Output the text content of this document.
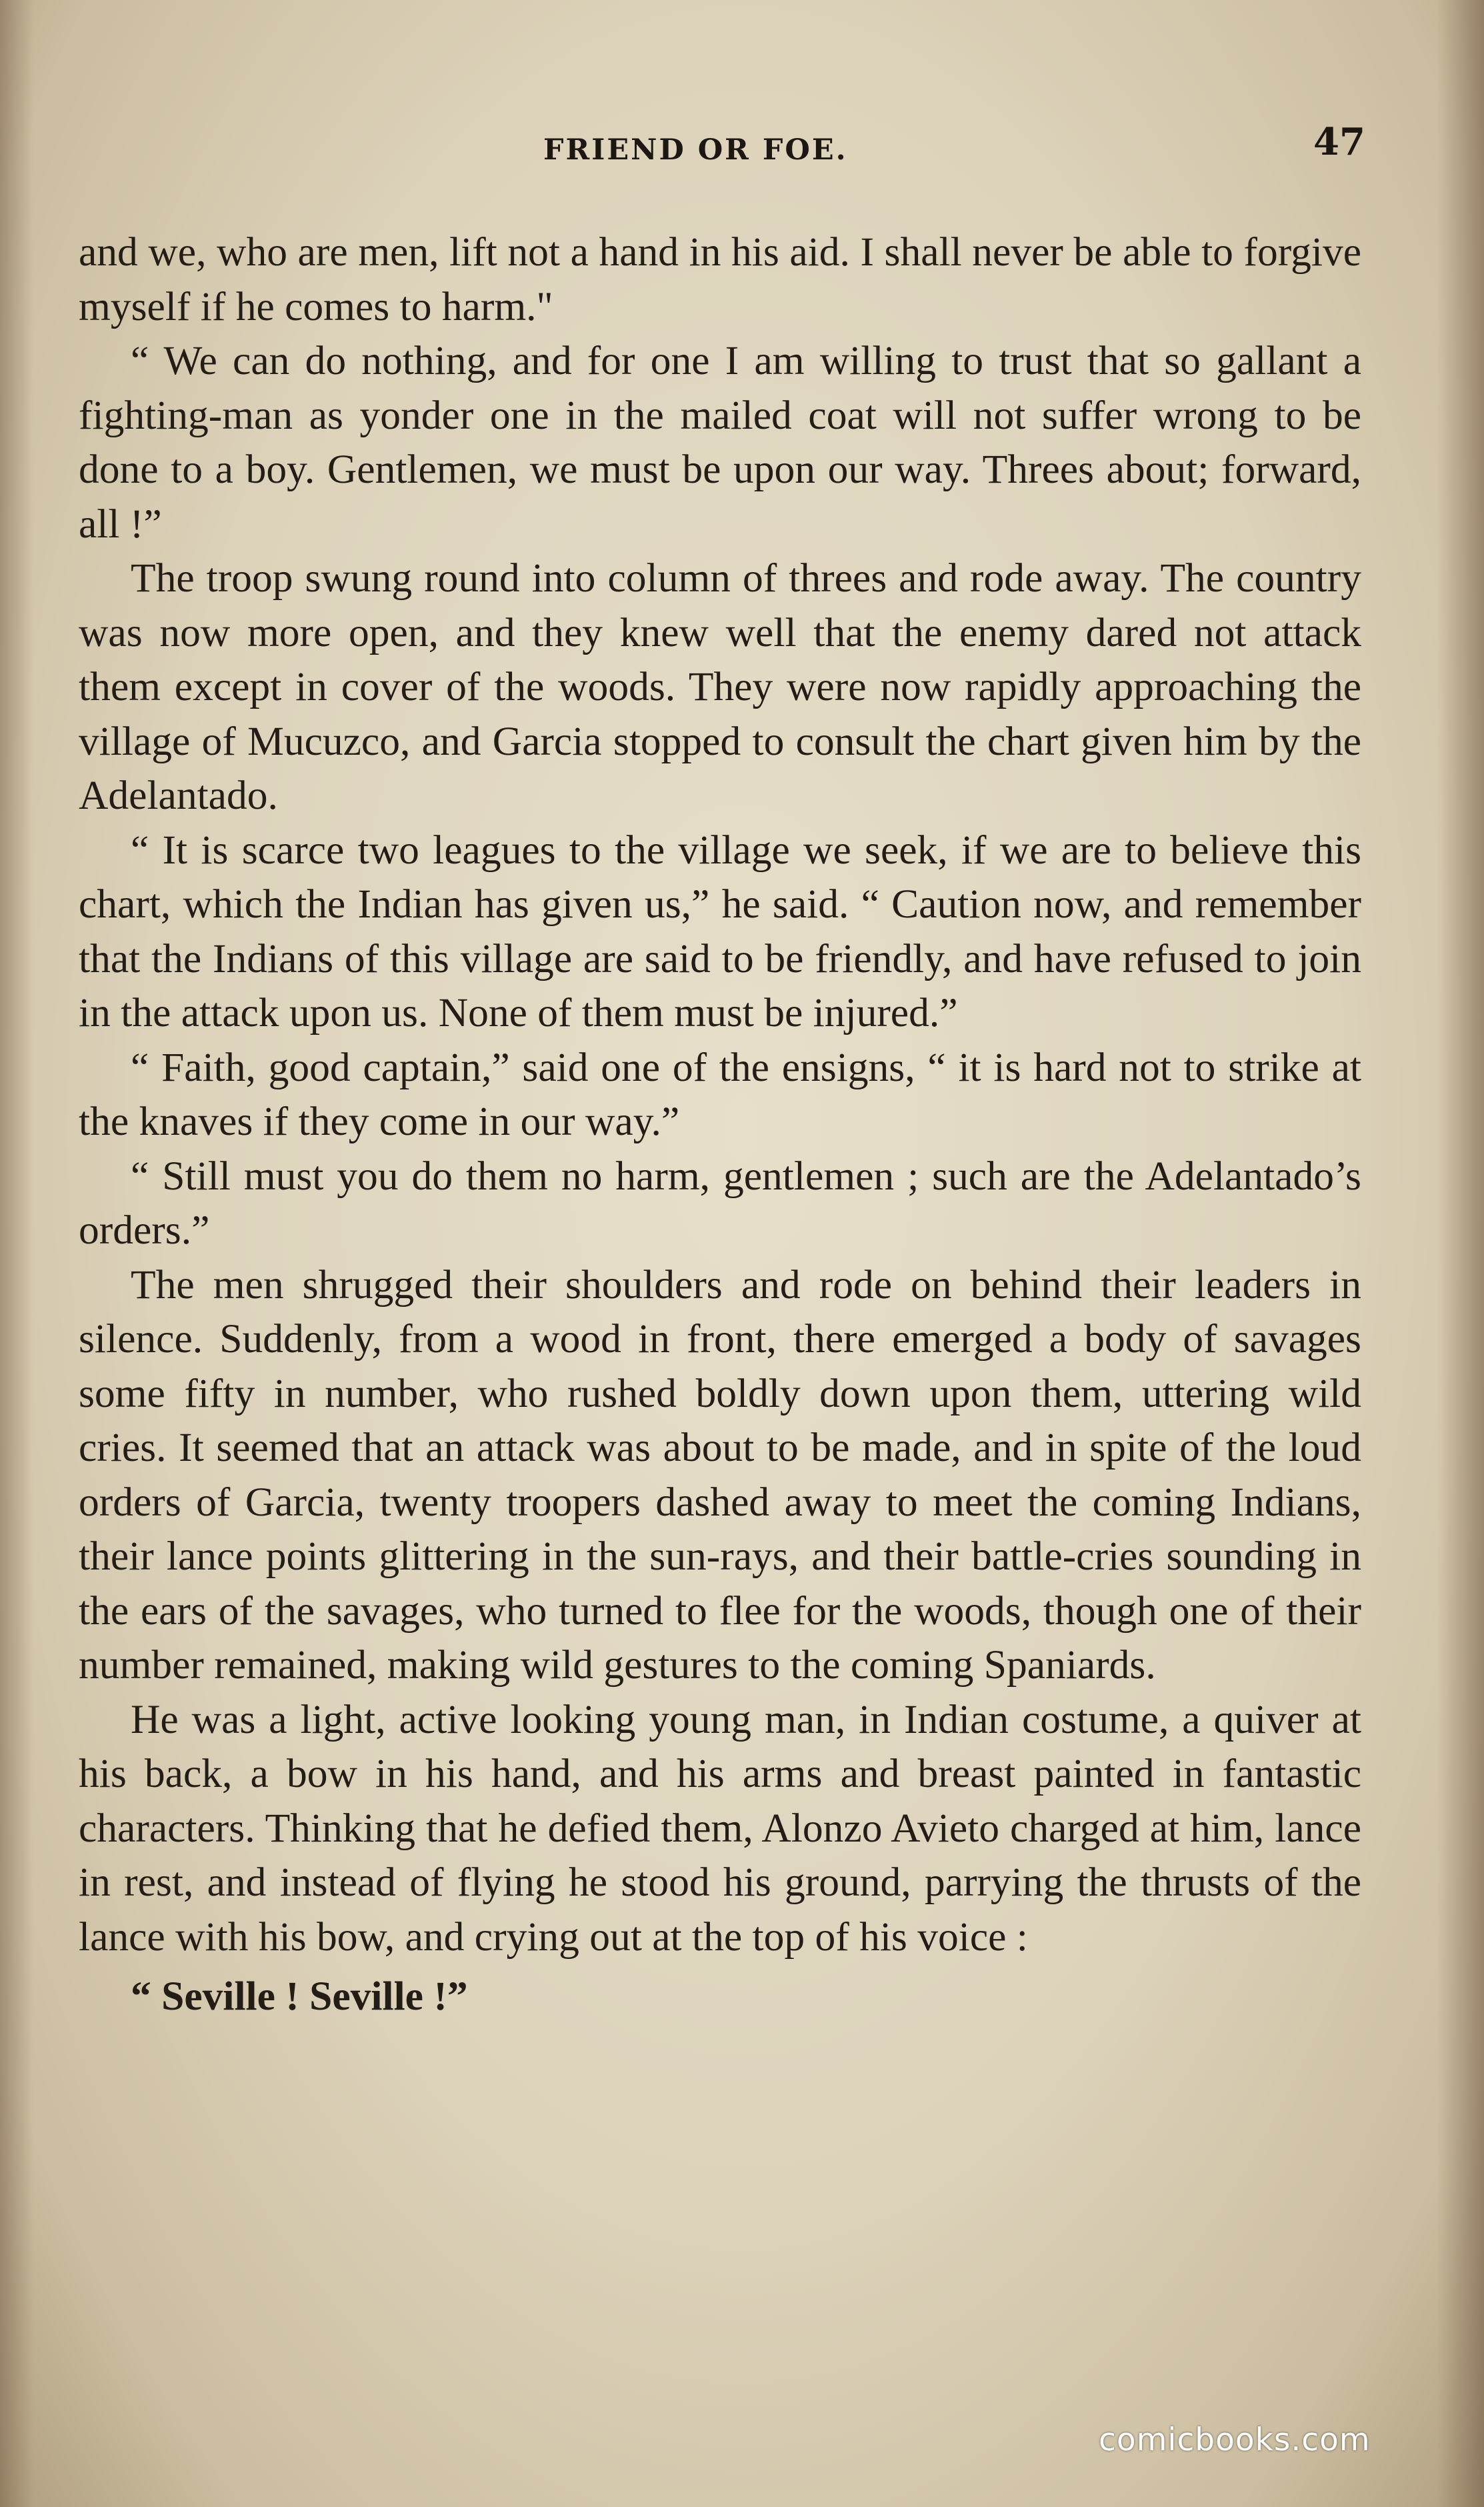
FRIEND OR FOE.	47

and we, who are men, lift not a hand in his aid. I shall never be able to forgive myself if he comes to harm."

“ We can do nothing, and for one I am willing to trust that so gallant a fighting-man as yonder one in the mailed coat will not suffer wrong to be done to a boy. Gentlemen, we must be upon our way. Threes about; forward, all !”

The troop swung round into column of threes and rode away. The country was now more open, and they knew well that the enemy dared not attack them except in cover of the woods. They were now rapidly approaching the village of Mucuzco, and Garcia stopped to consult the chart given him by the Adelantado.

“ It is scarce two leagues to the village we seek, if we are to believe this chart, which the Indian has given us,” he said. “ Caution now, and remember that the Indians of this village are said to be friendly, and have refused to join in the attack upon us. None of them must be injured.”

“ Faith, good captain,” said one of the ensigns, “ it is hard not to strike at the knaves if they come in our way.”

“ Still must you do them no harm, gentlemen ; such are the Adelantado’s orders.”

The men shrugged their shoulders and rode on behind their leaders in silence. Suddenly, from a wood in front, there emerged a body of savages some fifty in number, who rushed boldly down upon them, uttering wild cries. It seemed that an attack was about to be made, and in spite of the loud orders of Garcia, twenty troopers dashed away to meet the coming Indians, their lance points glittering in the sun-rays, and their battle-cries sounding in the ears of the savages, who turned to flee for the woods, though one of their number remained, making wild gestures to the coming Spaniards.

He was a light, active looking young man, in Indian costume, a quiver at his back, a bow in his hand, and his arms and breast painted in fantastic characters. Thinking that he defied them, Alonzo Avieto charged at him, lance in rest, and instead of flying he stood his ground, parrying the thrusts of the lance with his bow, and crying out at the top of his voice :

“ Seville ! Seville !”

comicbooks.com
